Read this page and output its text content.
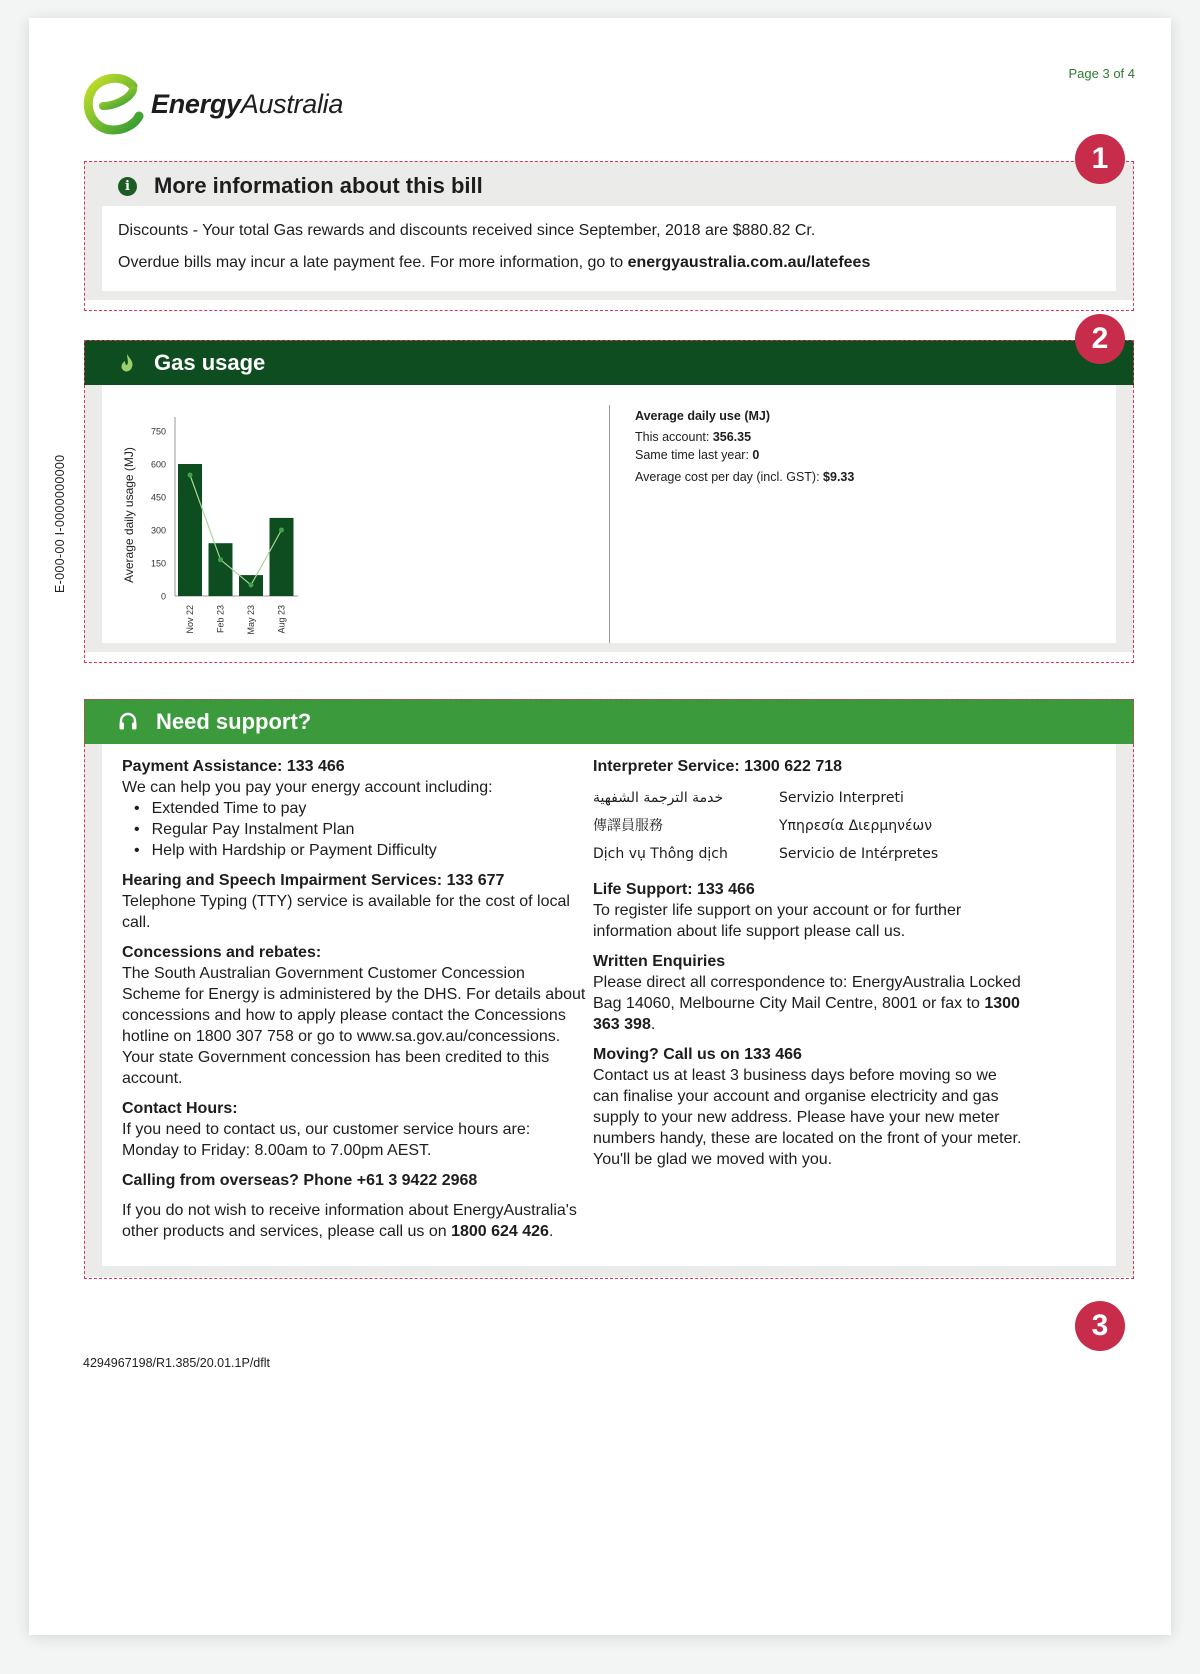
EnergyAustralia
Page 3 of 4
E-000-00 I-0000000000
i	More information about this bill
Discounts - Your total Gas rewards and discounts received since September, 2018 are $880.82 Cr.
Overdue bills may incur a late payment fee. For more information, go to energyaustralia.com.au/latefees
1
Gas usage
Average daily usage (MJ)
0
150
300
450
600
750
Nov 22 Feb 23 May 23 Aug 23
Average daily use (MJ)
This account: 356.35
Same time last year: 0
Average cost per day (incl. GST): $9.33
2
Need support?
Payment Assistance: 133 466
We can help you pay your energy account including:
• Extended Time to pay
• Regular Pay Instalment Plan
• Help with Hardship or Payment Difficulty
Hearing and Speech Impairment Services: 133 677
Telephone Typing (TTY) service is available for the cost of local call.
Concessions and rebates:
The South Australian Government Customer Concession Scheme for Energy is administered by the DHS. For details about concessions and how to apply please contact the Concessions hotline on 1800 307 758 or go to www.sa.gov.au/concessions. Your state Government concession has been credited to this account.
Contact Hours:
If you need to contact us, our customer service hours are: Monday to Friday: 8.00am to 7.00pm AEST.
Calling from overseas? Phone +61 3 9422 2968
If you do not wish to receive information about EnergyAustralia's other products and services, please call us on 1800 624 426.
Interpreter Service: 1300 622 718
خدمة الترجمة الشفهية	Servizio Interpreti
傳譯員服務	Υπηρεσία Διερμηνέων
Dịch vụ Thông dịch	Servicio de Intérpretes
Life Support: 133 466
To register life support on your account or for further information about life support please call us.
Written Enquiries
Please direct all correspondence to: EnergyAustralia Locked Bag 14060, Melbourne City Mail Centre, 8001 or fax to 1300 363 398.
Moving? Call us on 133 466
Contact us at least 3 business days before moving so we can finalise your account and organise electricity and gas supply to your new address. Please have your new meter numbers handy, these are located on the front of your meter. You'll be glad we moved with you.
3
4294967198/R1.385/20.01.1P/dflt
